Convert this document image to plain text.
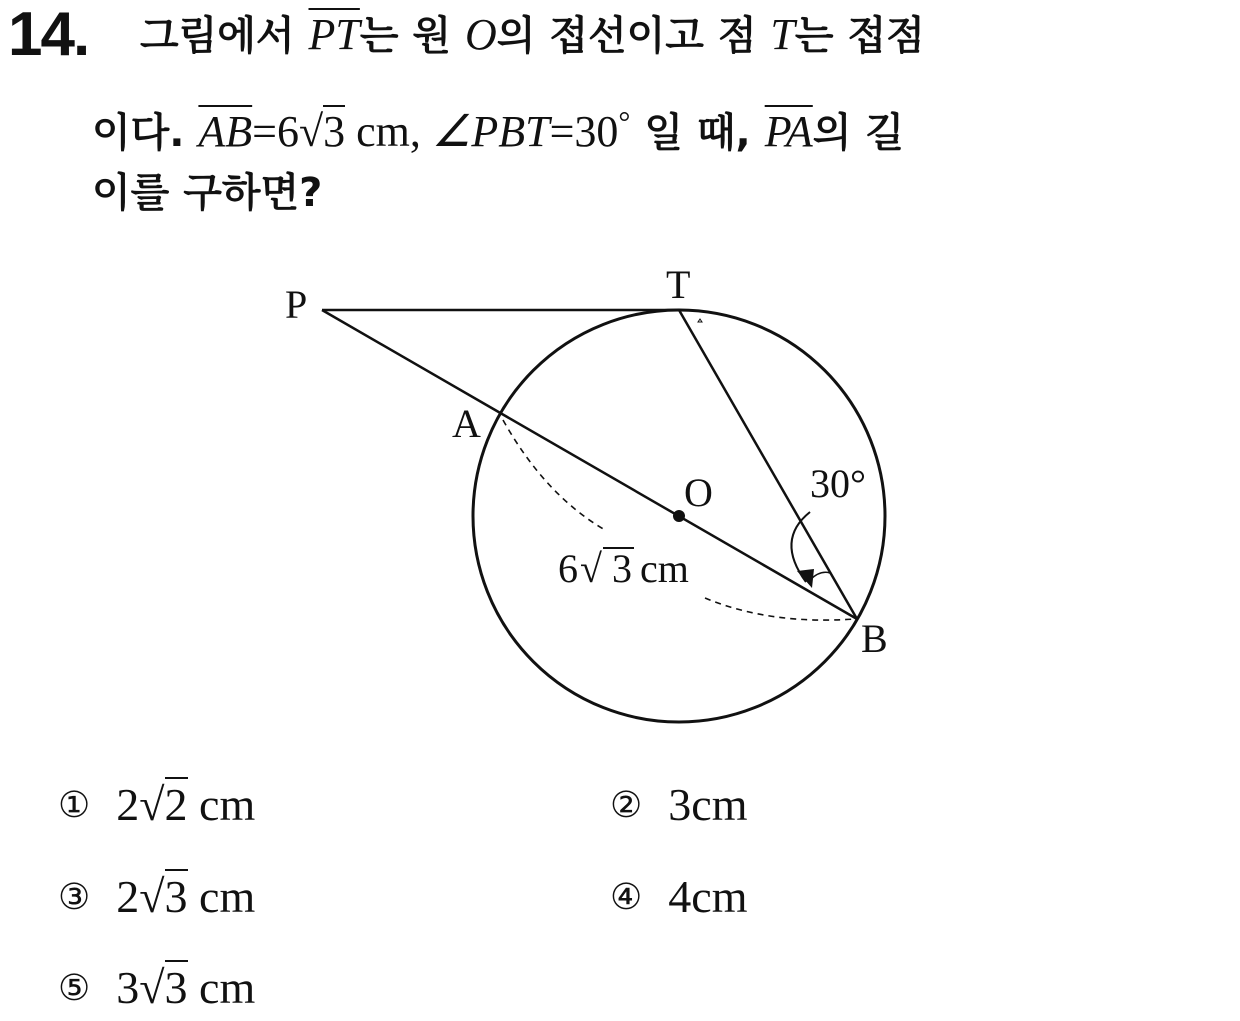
14. 그림에서 $\overline{PT}$는 원 O의 접선이고 점 T는 접점
이다. $\overline{AB}=6√3$ cm, ∠PBT=30° 일 때, $\overline{PA}$의 길
이를 구하면?
P	T
A
O
B
30°
6 √ 3 cm
① 2√2 cm	② 3cm
③ 2√3 cm	④ 4cm
⑤ 3√3 cm
